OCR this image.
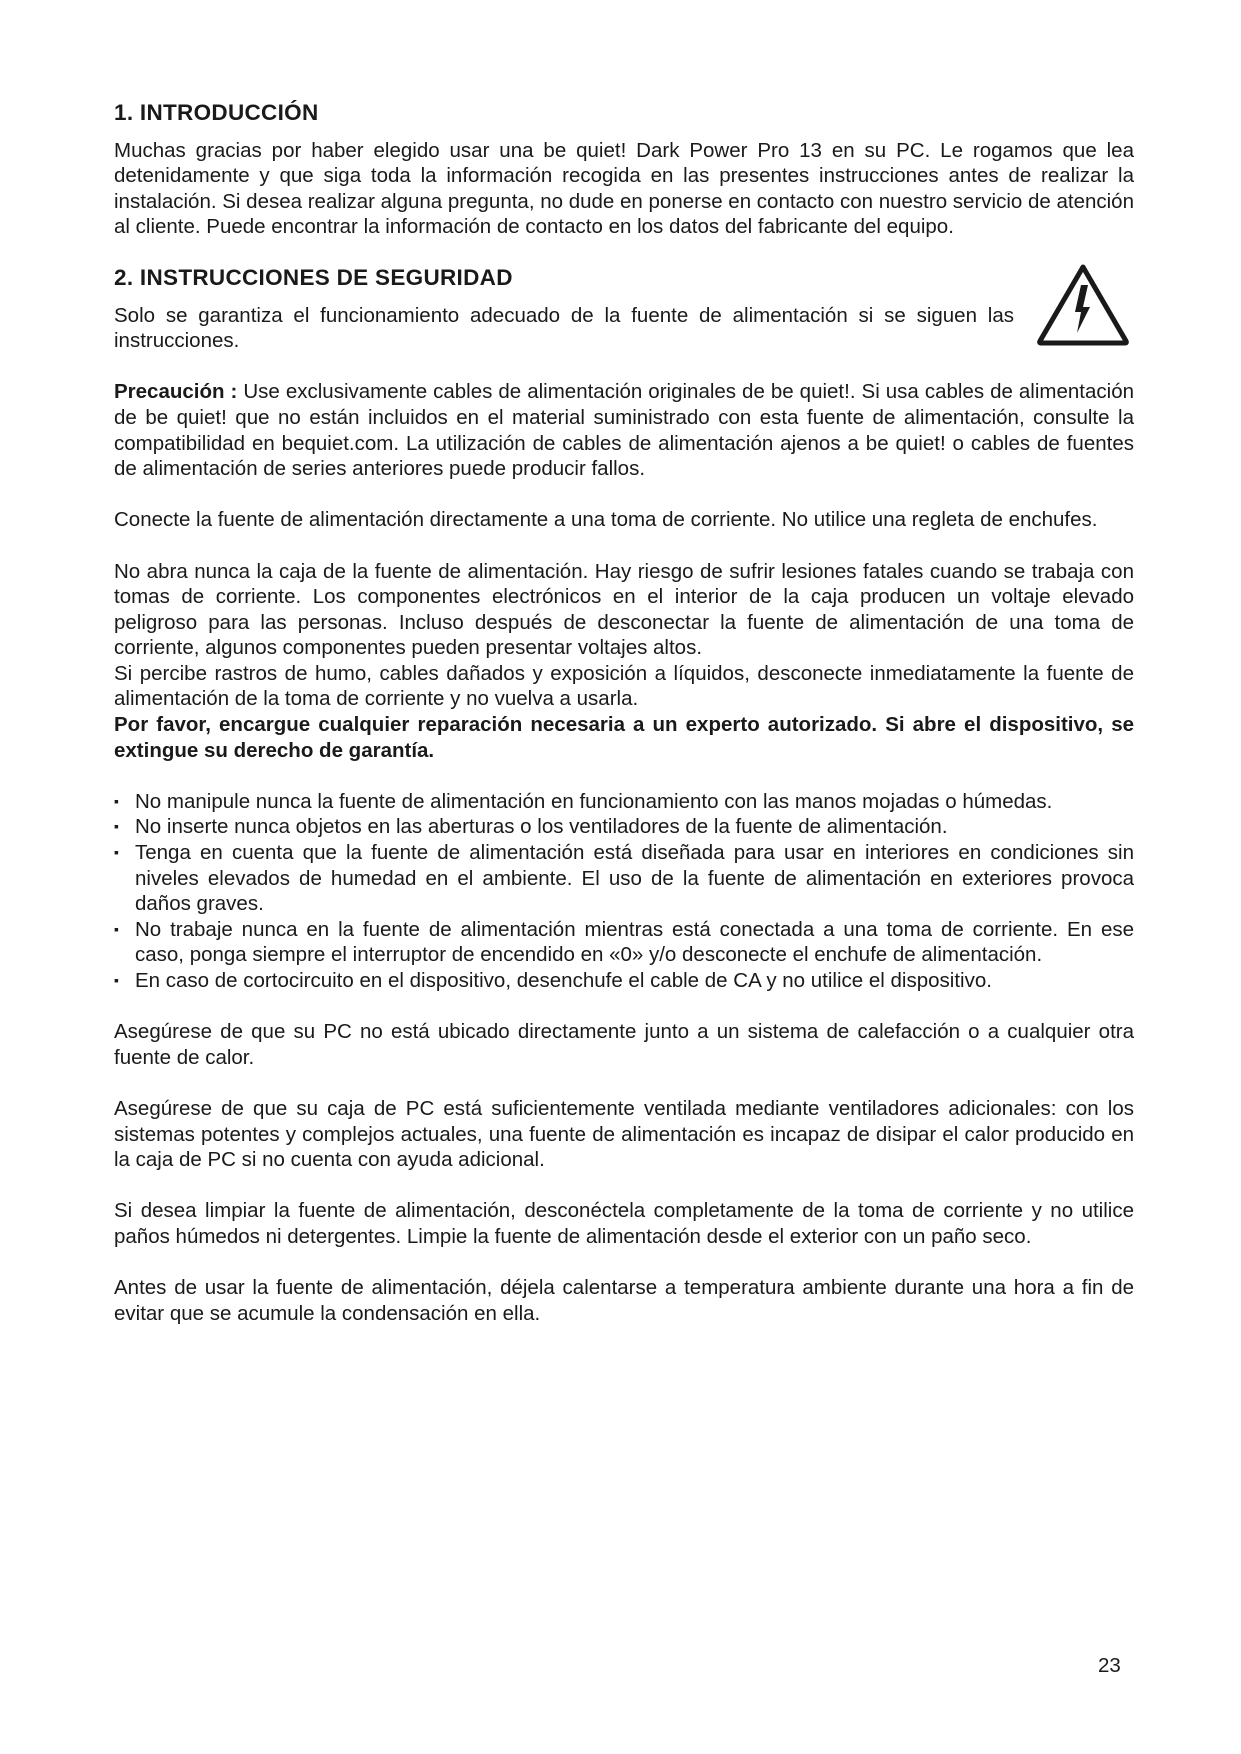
1. INTRODUCCIÓN

Muchas gracias por haber elegido usar una be quiet! Dark Power Pro 13 en su PC. Le rogamos que lea detenidamente y que siga toda la información recogida en las presentes instrucciones antes de realizar la instalación. Si desea realizar alguna pregunta, no dude en ponerse en contacto con nuestro servicio de atención al cliente. Puede encontrar la información de contacto en los datos del fabricante del equipo.

2. INSTRUCCIONES DE SEGURIDAD

Solo se garantiza el funcionamiento adecuado de la fuente de alimentación si se siguen las instrucciones.

Precaución : Use exclusivamente cables de alimentación originales de be quiet!. Si usa cables de alimentación de be quiet! que no están incluidos en el material suministrado con esta fuente de alimentación, consulte la compatibilidad en bequiet.com. La utilización de cables de alimentación ajenos a be quiet! o cables de fuentes de alimentación de series anteriores puede producir fallos.

Conecte la fuente de alimentación directamente a una toma de corriente. No utilice una regleta de enchufes.

No abra nunca la caja de la fuente de alimentación. Hay riesgo de sufrir lesiones fatales cuando se trabaja con tomas de corriente. Los componentes electrónicos en el interior de la caja producen un voltaje elevado peligroso para las personas. Incluso después de desconectar la fuente de alimentación de una toma de corriente, algunos componentes pueden presentar voltajes altos.

Si percibe rastros de humo, cables dañados y exposición a líquidos, desconecte inmediatamente la fuente de alimentación de la toma de corriente y no vuelva a usarla.

Por favor, encargue cualquier reparación necesaria a un experto autorizado. Si abre el dispositivo, se extingue su derecho de garantía.

▪ No manipule nunca la fuente de alimentación en funcionamiento con las manos mojadas o húmedas.
▪ No inserte nunca objetos en las aberturas o los ventiladores de la fuente de alimentación.
▪ Tenga en cuenta que la fuente de alimentación está diseñada para usar en interiores en condiciones sin niveles elevados de humedad en el ambiente. El uso de la fuente de alimentación en exteriores provoca daños graves.
▪ No trabaje nunca en la fuente de alimentación mientras está conectada a una toma de corriente. En ese caso, ponga siempre el interruptor de encendido en «0» y/o desconecte el enchufe de alimentación.
▪ En caso de cortocircuito en el dispositivo, desenchufe el cable de CA y no utilice el dispositivo.

Asegúrese de que su PC no está ubicado directamente junto a un sistema de calefacción o a cualquier otra fuente de calor.

Asegúrese de que su caja de PC está suficientemente ventilada mediante ventiladores adicionales: con los sistemas potentes y complejos actuales, una fuente de alimentación es incapaz de disipar el calor producido en la caja de PC si no cuenta con ayuda adicional.

Si desea limpiar la fuente de alimentación, desconéctela completamente de la toma de corriente y no utilice paños húmedos ni detergentes. Limpie la fuente de alimentación desde el exterior con un paño seco.

Antes de usar la fuente de alimentación, déjela calentarse a temperatura ambiente durante una hora a fin de evitar que se acumule la condensación en ella.

23
